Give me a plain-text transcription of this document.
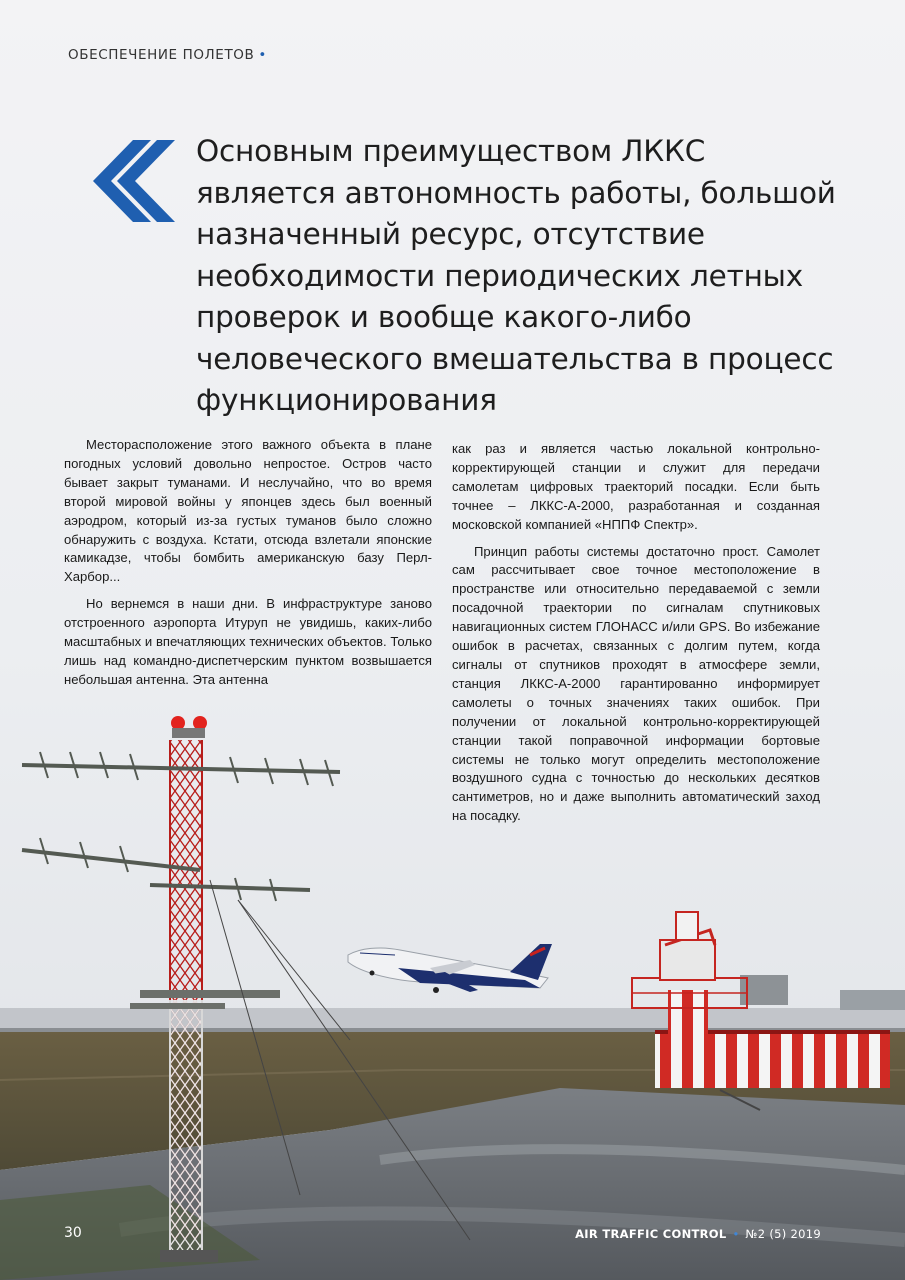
ОБЕСПЕЧЕНИЕ ПОЛЕТОВ •
Основным преимуществом ЛККС
является автономность работы, большой
назначенный ресурс, отсутствие
необходимости периодических летных
проверок и вообще какого-либо
человеческого вмешательства в процесс
функционирования

Месторасположение этого важного объекта в плане погодных условий довольно непростое. Остров часто бывает закрыт туманами. И неслучайно, что во время второй мировой войны у японцев здесь был военный аэродром, который из-за густых туманов было сложно обнаружить с воздуха. Кстати, отсюда взлетали японские камикадзе, чтобы бомбить американскую базу Перл-Харбор...

Но вернемся в наши дни. В инфраструктуре заново отстроенного аэропорта Итуруп не увидишь, каких-либо масштабных и впечатляющих технических объектов. Только лишь над командно-диспетчерским пунктом возвышается небольшая антенна. Эта антенна

как раз и является частью локальной контрольно-корректирующей станции и служит для передачи самолетам цифровых траекторий посадки. Если быть точнее – ЛККС-А-2000, разработанная и созданная московской компанией «НППФ Спектр».

Принцип работы системы достаточно прост. Самолет сам рассчитывает свое точное местоположение в пространстве или относительно передаваемой с земли посадочной траектории по сигналам спутниковых навигационных систем ГЛОНАСС и/или GPS. Во избежание ошибок в расчетах, связанных с долгим путем, когда сигналы от спутников проходят в атмосфере земли, станция ЛККС-А-2000 гарантированно информирует самолеты о точных значениях таких ошибок. При получении от локальной контрольно-корректирующей станции такой поправочной информации бортовые системы не только могут определить местоположение воздушного судна с точностью до нескольких десятков сантиметров, но и даже выполнить автоматический заход на посадку.

30	AIR TRAFFIC CONTROL • №2 (5) 2019
